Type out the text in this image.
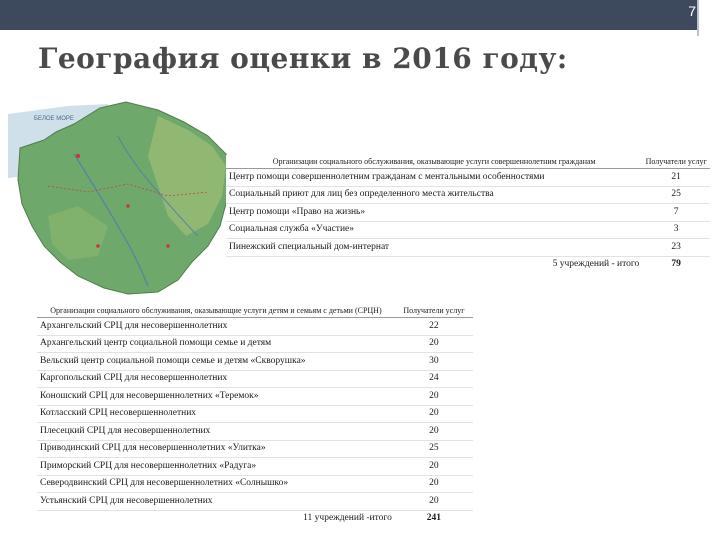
7
География оценки в 2016 году:
БЕЛОЕ МОРЕ
Организации социального обслуживания, оказывающие услуги совершеннолетним гражданам	Получатели услуг
Центр помощи совершеннолетним гражданам с ментальными особенностями	21
Социальный приют для лиц без определенного места жительства	25
Центр помощи «Право на жизнь»	7
Социальная служба «Участие»	3
Пинежский специальный дом-интернат	23
5 учреждений - итого	79
Организации социального обслуживания, оказывающие услуги детям и семьям с детьми (СРЦН)	Получатели услуг
Архангельский СРЦ для несовершеннолетних	22
Архангельский центр социальной помощи семье и детям	20
Вельский центр социальной помощи семье и детям «Скворушка»	30
Каргопольский СРЦ для несовершеннолетних	24
Коношский СРЦ для несовершеннолетних «Теремок»	20
Котласский СРЦ несовершеннолетних	20
Плесецкий СРЦ для несовершеннолетних	20
Приводинский СРЦ для несовершеннолетних «Улитка»	25
Приморский СРЦ для несовершеннолетних «Радуга»	20
Северодвинский СРЦ для несовершеннолетних «Солнышко»	20
Устьянский СРЦ для несовершеннолетних	20
11 учреждений -итого	241
